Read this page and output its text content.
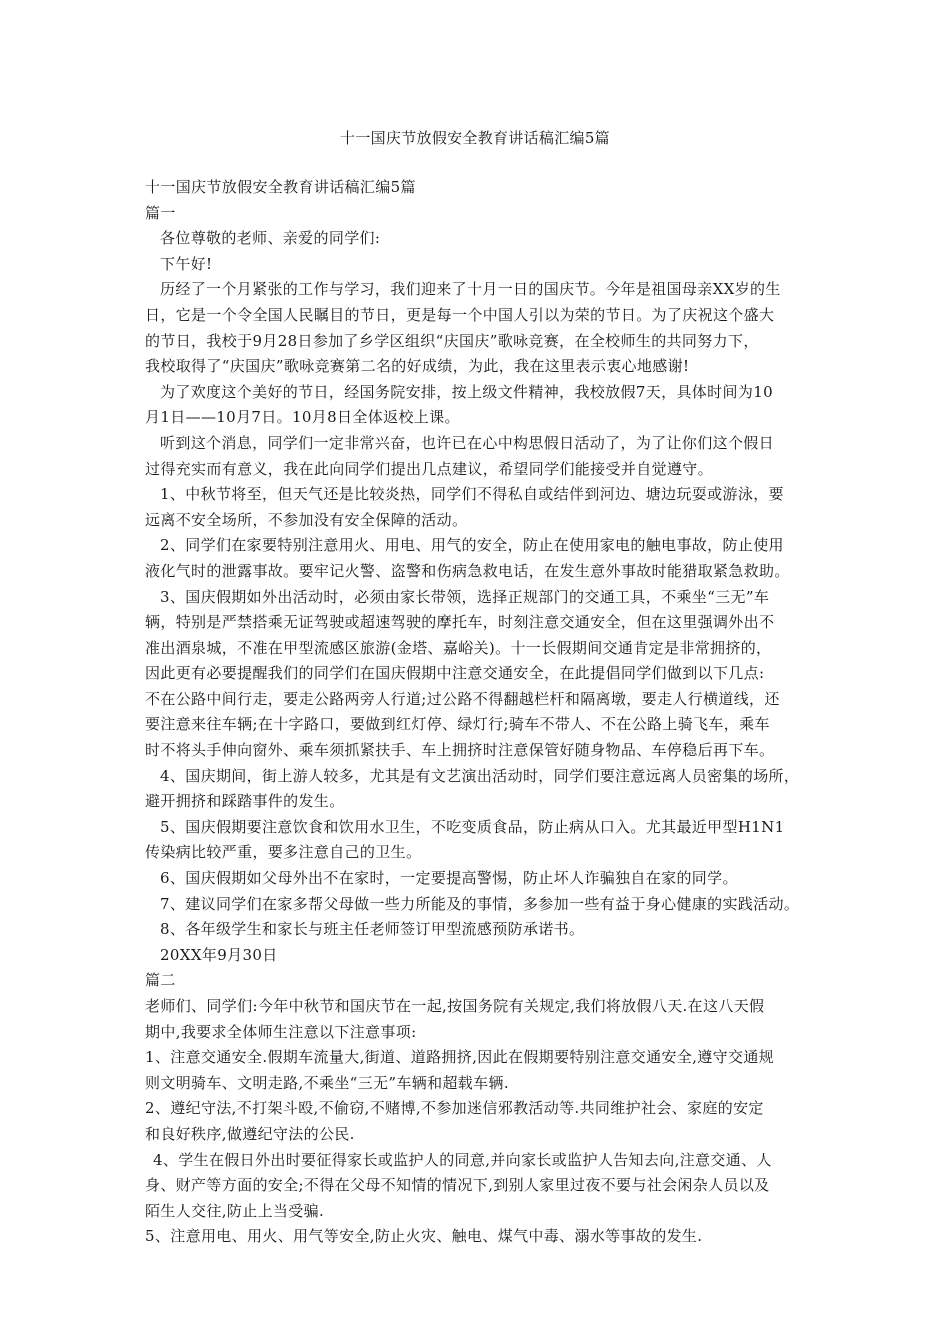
十一国庆节放假安全教育讲话稿汇编5篇

十一国庆节放假安全教育讲话稿汇编5篇

篇一

各位尊敬的老师、亲爱的同学们:

下午好!

历经了一个月紧张的工作与学习，我们迎来了十月一日的国庆节。今年是祖国母亲XX岁的生

日，它是一个令全国人民瞩目的节日，更是每一个中国人引以为荣的节日。为了庆祝这个盛大

的节日，我校于9月28日参加了乡学区组织“庆国庆”歌咏竞赛，在全校师生的共同努力下，

我校取得了“庆国庆”歌咏竞赛第二名的好成绩，为此，我在这里表示衷心地感谢!

为了欢度这个美好的节日，经国务院安排，按上级文件精神，我校放假7天，具体时间为10

月1日——10月7日。10月8日全体返校上课。

听到这个消息，同学们一定非常兴奋，也许已在心中构思假日活动了，为了让你们这个假日

过得充实而有意义，我在此向同学们提出几点建议，希望同学们能接受并自觉遵守。

1、中秋节将至，但天气还是比较炎热，同学们不得私自或结伴到河边、塘边玩耍或游泳，要

远离不安全场所，不参加没有安全保障的活动。

2、同学们在家要特别注意用火、用电、用气的安全，防止在使用家电的触电事故，防止使用

液化气时的泄露事故。要牢记火警、盗警和伤病急救电话，在发生意外事故时能猎取紧急救助。

3、国庆假期如外出活动时，必须由家长带领，选择正规部门的交通工具，不乘坐“三无”车

辆，特别是严禁搭乘无证驾驶或超速驾驶的摩托车，时刻注意交通安全，但在这里强调外出不

准出酒泉城，不准在甲型流感区旅游(金塔、嘉峪关)。十一长假期间交通肯定是非常拥挤的，

因此更有必要提醒我们的同学们在国庆假期中注意交通安全，在此提倡同学们做到以下几点:

不在公路中间行走，要走公路两旁人行道;过公路不得翻越栏杆和隔离墩，要走人行横道线，还

要注意来往车辆;在十字路口，要做到红灯停、绿灯行;骑车不带人、不在公路上骑飞车，乘车

时不将头手伸向窗外、乘车须抓紧扶手、车上拥挤时注意保管好随身物品、车停稳后再下车。

4、国庆期间，街上游人较多，尤其是有文艺演出活动时，同学们要注意远离人员密集的场所，

避开拥挤和踩踏事件的发生。

5、国庆假期要注意饮食和饮用水卫生，不吃变质食品，防止病从口入。尤其最近甲型H1N1

传染病比较严重，要多注意自己的卫生。

6、国庆假期如父母外出不在家时，一定要提高警惕，防止坏人诈骗独自在家的同学。

7、建议同学们在家多帮父母做一些力所能及的事情，多参加一些有益于身心健康的实践活动。

8、各年级学生和家长与班主任老师签订甲型流感预防承诺书。

20XX年9月30日

篇二

老师们、同学们:今年中秋节和国庆节在一起,按国务院有关规定,我们将放假八天.在这八天假

期中,我要求全体师生注意以下注意事项:

1、注意交通安全.假期车流量大,街道、道路拥挤,因此在假期要特别注意交通安全,遵守交通规

则文明骑车、文明走路,不乘坐“三无”车辆和超载车辆.

2、遵纪守法,不打架斗殴,不偷窃,不赌博,不参加迷信邪教活动等.共同维护社会、家庭的安定

和良好秩序,做遵纪守法的公民.

4、学生在假日外出时要征得家长或监护人的同意,并向家长或监护人告知去向,注意交通、人

身、财产等方面的安全;不得在父母不知情的情况下,到别人家里过夜不要与社会闲杂人员以及

陌生人交往,防止上当受骗.

5、注意用电、用火、用气等安全,防止火灾、触电、煤气中毒、溺水等事故的发生.
